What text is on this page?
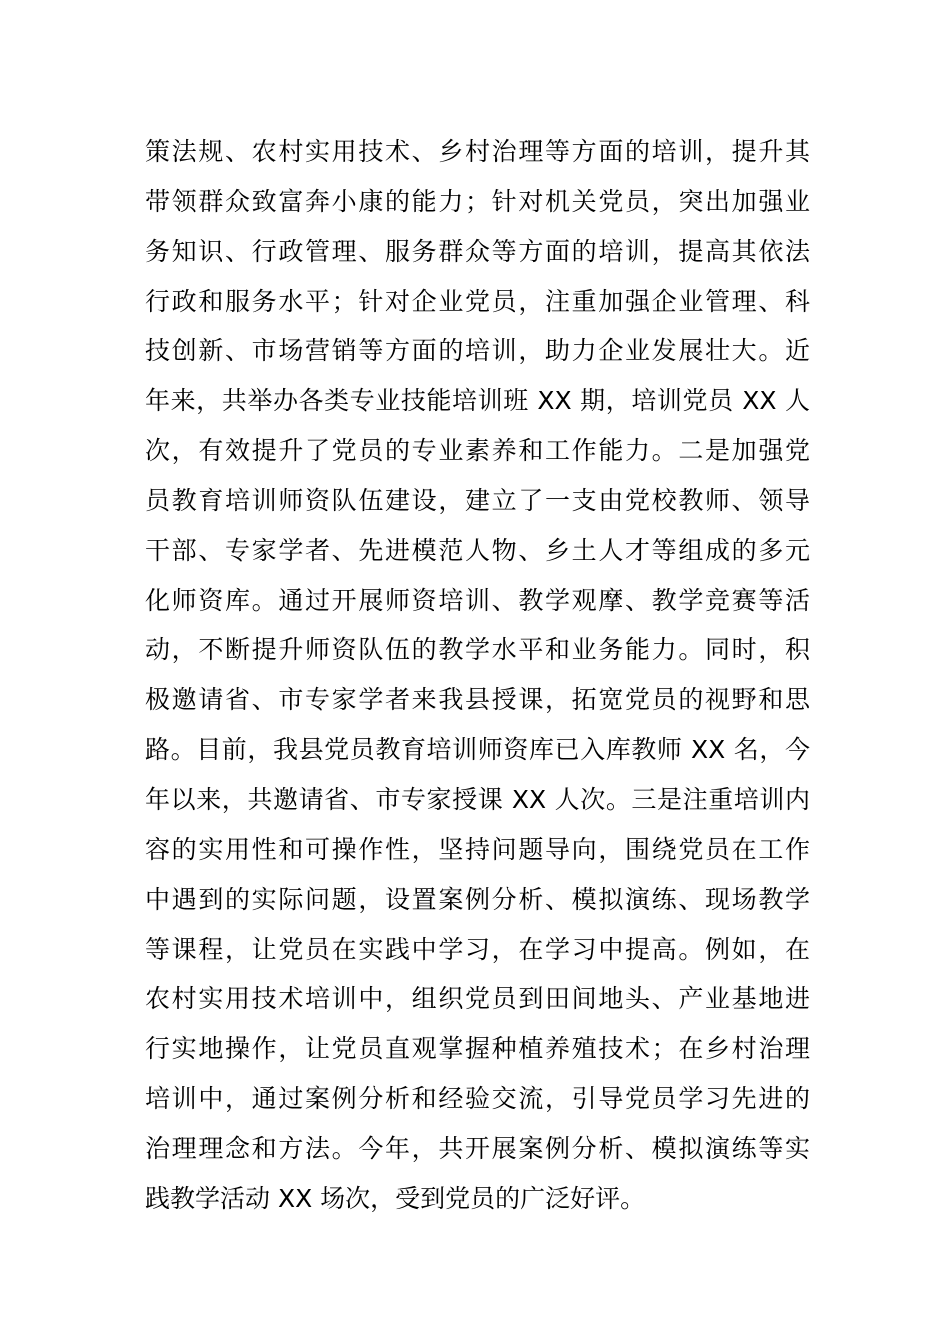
策法规、农村实用技术、乡村治理等方面的培训，提升其
带领群众致富奔小康的能力；针对机关党员，突出加强业
务知识、行政管理、服务群众等方面的培训，提高其依法
行政和服务水平；针对企业党员，注重加强企业管理、科
技创新、市场营销等方面的培训，助力企业发展壮大。近
年来，共举办各类专业技能培训班 XX 期，培训党员 XX 人
次，有效提升了党员的专业素养和工作能力。二是加强党
员教育培训师资队伍建设，建立了一支由党校教师、领导
干部、专家学者、先进模范人物、乡土人才等组成的多元
化师资库。通过开展师资培训、教学观摩、教学竞赛等活
动，不断提升师资队伍的教学水平和业务能力。同时，积
极邀请省、市专家学者来我县授课，拓宽党员的视野和思
路。目前，我县党员教育培训师资库已入库教师 XX 名，今
年以来，共邀请省、市专家授课 XX 人次。三是注重培训内
容的实用性和可操作性，坚持问题导向，围绕党员在工作
中遇到的实际问题，设置案例分析、模拟演练、现场教学
等课程，让党员在实践中学习，在学习中提高。例如，在
农村实用技术培训中，组织党员到田间地头、产业基地进
行实地操作，让党员直观掌握种植养殖技术；在乡村治理
培训中，通过案例分析和经验交流，引导党员学习先进的
治理理念和方法。今年，共开展案例分析、模拟演练等实
践教学活动 XX 场次，受到党员的广泛好评。
